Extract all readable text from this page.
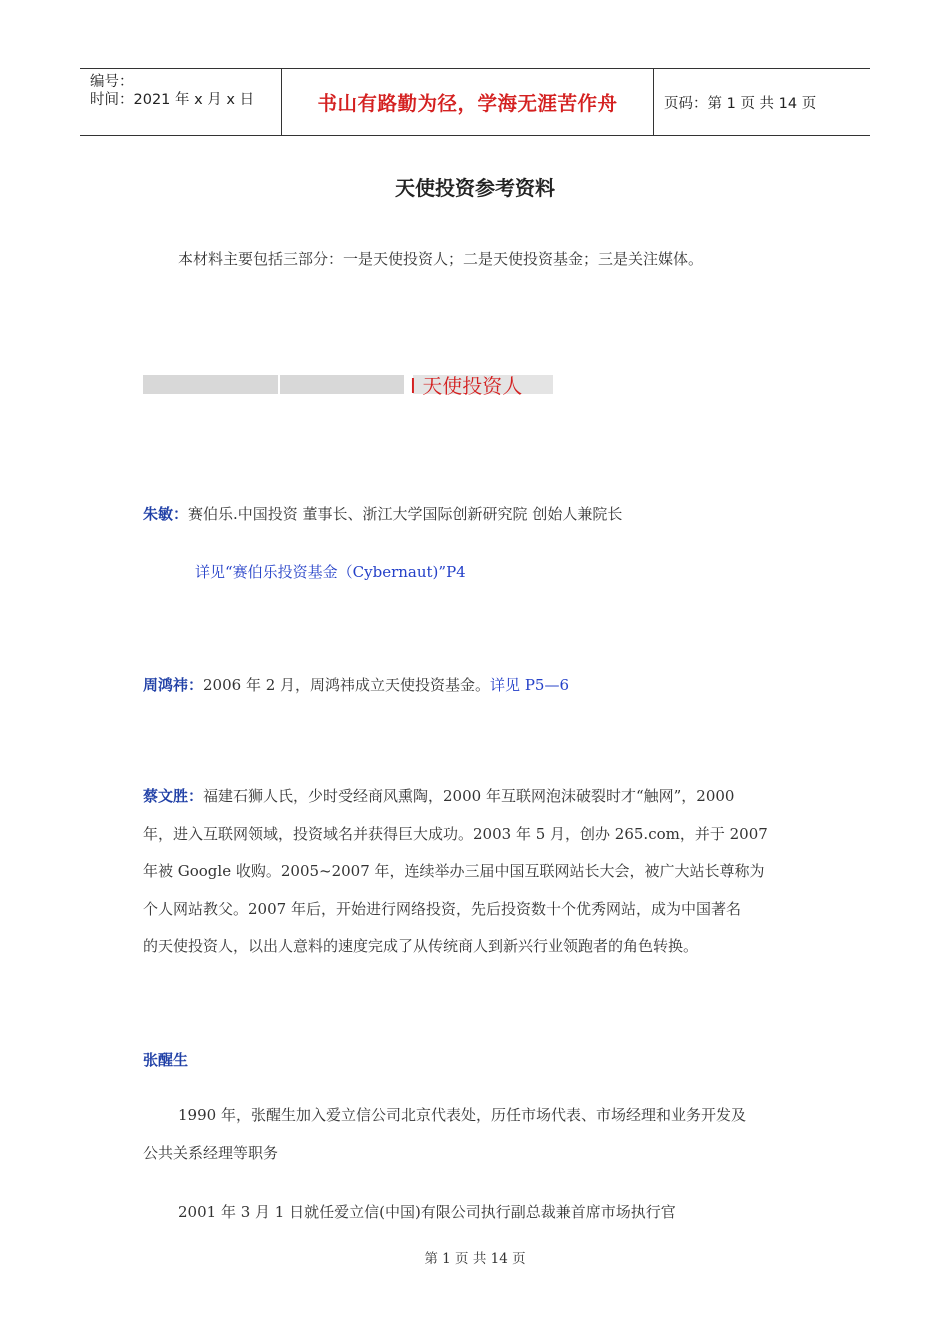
编号：
时间：2021 年 x 月 x 日	书山有路勤为径，学海无涯苦作舟	页码：第 1 页 共 14 页
天使投资参考资料
本材料主要包括三部分：一是天使投资人；二是天使投资基金；三是关注媒体。
Ⅰ 天使投资人
朱敏：赛伯乐.中国投资 董事长、浙江大学国际创新研究院 创始人兼院长
详见“赛伯乐投资基金（Cybernaut)”P4
周鸿祎：2006 年 2 月，周鸿祎成立天使投资基金。详见 P5—6
蔡文胜：福建石狮人氏，少时受经商风熏陶，2000 年互联网泡沫破裂时才“触网”，2000
年，进入互联网领域，投资域名并获得巨大成功。2003 年 5 月，创办 265.com，并于 2007
年被 Google 收购。2005~2007 年，连续举办三届中国互联网站长大会，被广大站长尊称为
个人网站教父。2007 年后，开始进行网络投资，先后投资数十个优秀网站，成为中国著名
的天使投资人，以出人意料的速度完成了从传统商人到新兴行业领跑者的角色转换。
张醒生
1990 年，张醒生加入爱立信公司北京代表处，历任市场代表、市场经理和业务开发及
公共关系经理等职务
2001 年 3 月 1 日就任爱立信(中国)有限公司执行副总裁兼首席市场执行官
第 1 页 共 14 页
